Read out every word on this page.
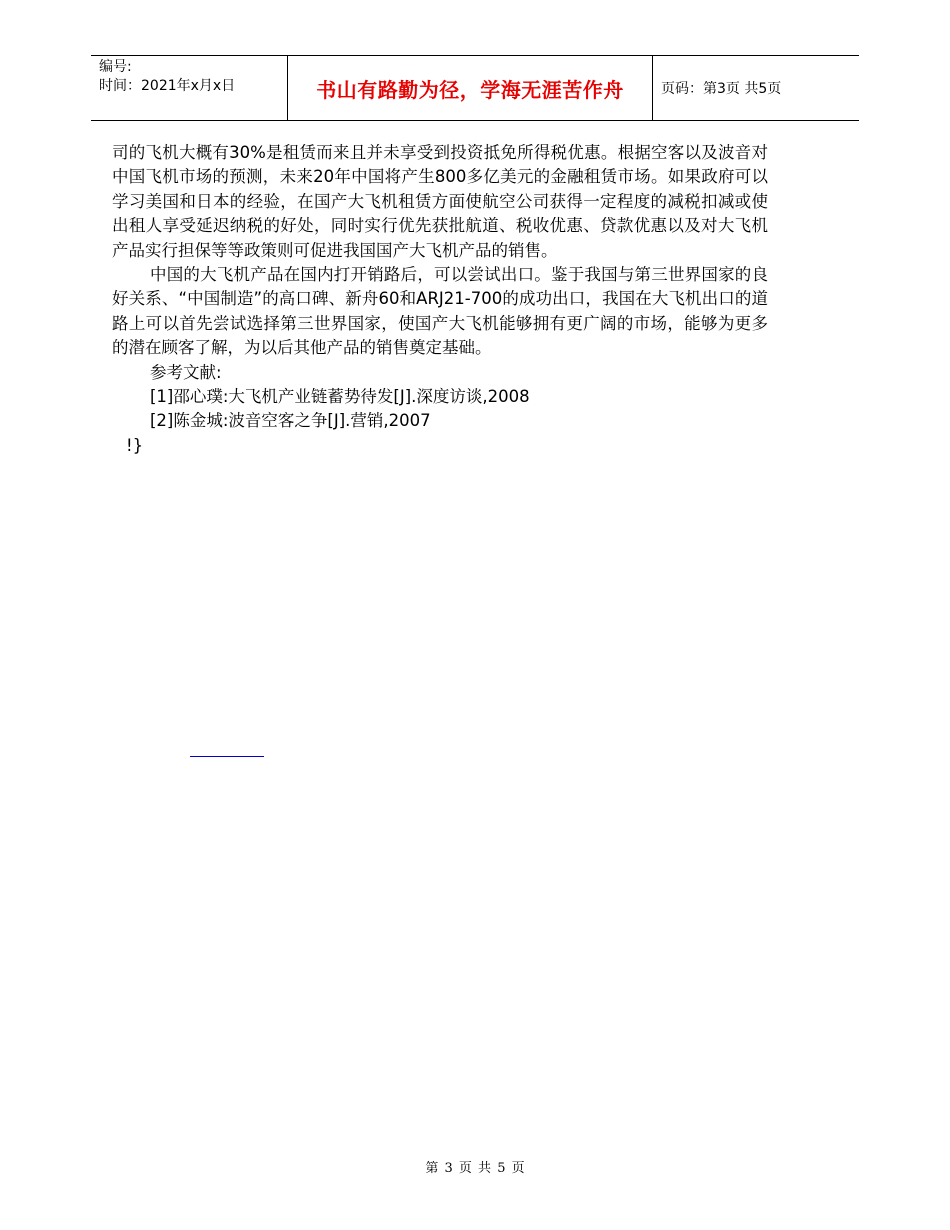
编号:
时间：2021年x月x日	书山有路勤为径，学海无涯苦作舟	页码：第3页 共5页

司的飞机大概有30%是租赁而来且并未享受到投资抵免所得税优惠。根据空客以及波音对中国飞机市场的预测，未来20年中国将产生800多亿美元的金融租赁市场。如果政府可以学习美国和日本的经验，在国产大飞机租赁方面使航空公司获得一定程度的减税扣减或使出租人享受延迟纳税的好处，同时实行优先获批航道、税收优惠、贷款优惠以及对大飞机产品实行担保等等政策则可促进我国国产大飞机产品的销售。

中国的大飞机产品在国内打开销路后，可以尝试出口。鉴于我国与第三世界国家的良好关系、“中国制造”的高口碑、新舟60和ARJ21-700的成功出口，我国在大飞机出口的道路上可以首先尝试选择第三世界国家，使国产大飞机能够拥有更广阔的市场，能够为更多的潜在顾客了解，为以后其他产品的销售奠定基础。

参考文献:

[1]邵心璞:大飞机产业链蓄势待发[J].深度访谈,2008

[2]陈金城:波音空客之争[J].营销,2007

!}

第 3 页 共 5 页
